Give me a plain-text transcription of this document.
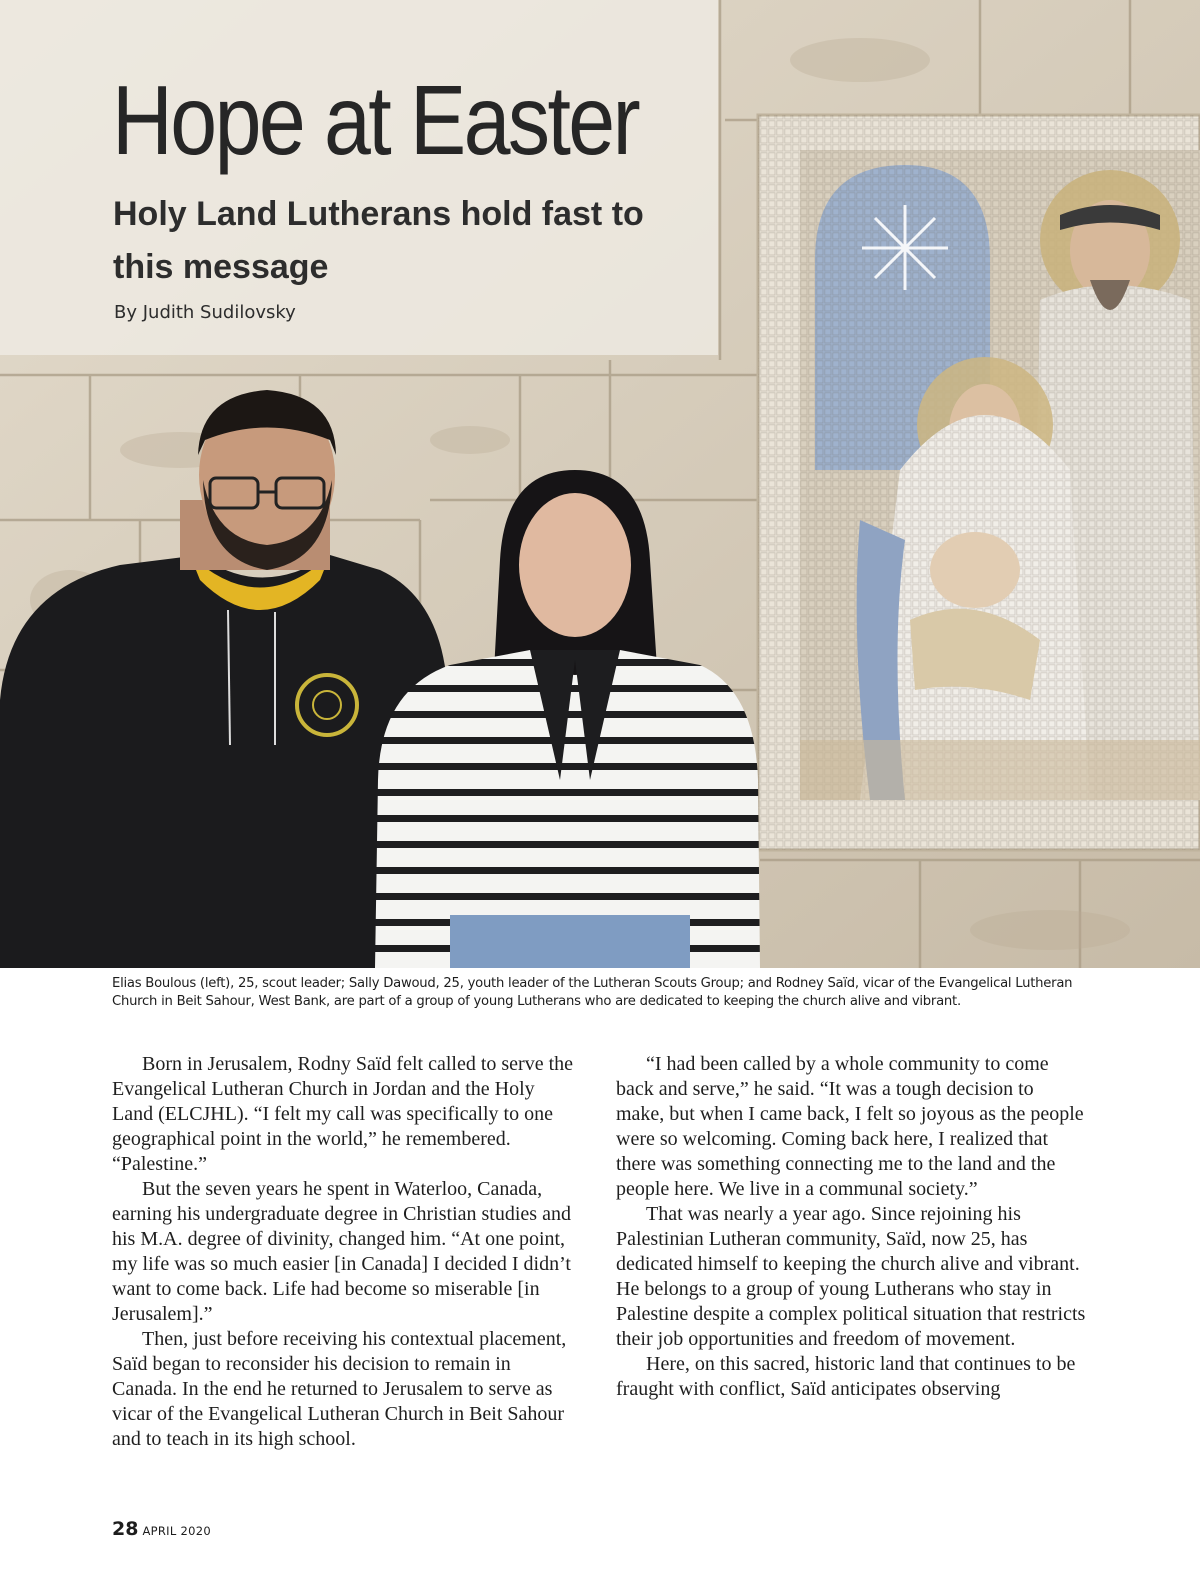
Hope at Easter
Holy Land Lutherans hold fast to this message
By Judith Sudilovsky
Elias Boulous (left), 25, scout leader; Sally Dawoud, 25, youth leader of the Lutheran Scouts Group; and Rodney Saïd, vicar of the Evangelical Lutheran Church in Beit Sahour, West Bank, are part of a group of young Lutherans who are dedicated to keeping the church alive and vibrant.

Born in Jerusalem, Rodny Saïd felt called to serve the Evangelical Lutheran Church in Jordan and the Holy Land (ELCJHL). “I felt my call was specifically to one geographical point in the world,” he remembered. “Palestine.”

But the seven years he spent in Waterloo, Canada, earning his undergraduate degree in Christian studies and his M.A. degree of divinity, changed him. “At one point, my life was so much easier [in Canada] I decided I didn’t want to come back. Life had become so miserable [in Jerusalem].”

Then, just before receiving his contextual placement, Saïd began to reconsider his decision to remain in Canada. In the end he returned to Jerusalem to serve as vicar of the Evangelical Lutheran Church in Beit Sahour and to teach in its high school.

“I had been called by a whole community to come back and serve,” he said. “It was a tough decision to make, but when I came back, I felt so joyous as the people were so welcoming. Coming back here, I realized that there was something connecting me to the land and the people here. We live in a communal society.”

That was nearly a year ago. Since rejoining his Palestinian Lutheran community, Saïd, now 25, has dedicated himself to keeping the church alive and vibrant. He belongs to a group of young Lutherans who stay in Palestine despite a complex political situation that restricts their job opportunities and freedom of movement.

Here, on this sacred, historic land that continues to be fraught with conflict, Saïd anticipates observing

28 APRIL 2020
